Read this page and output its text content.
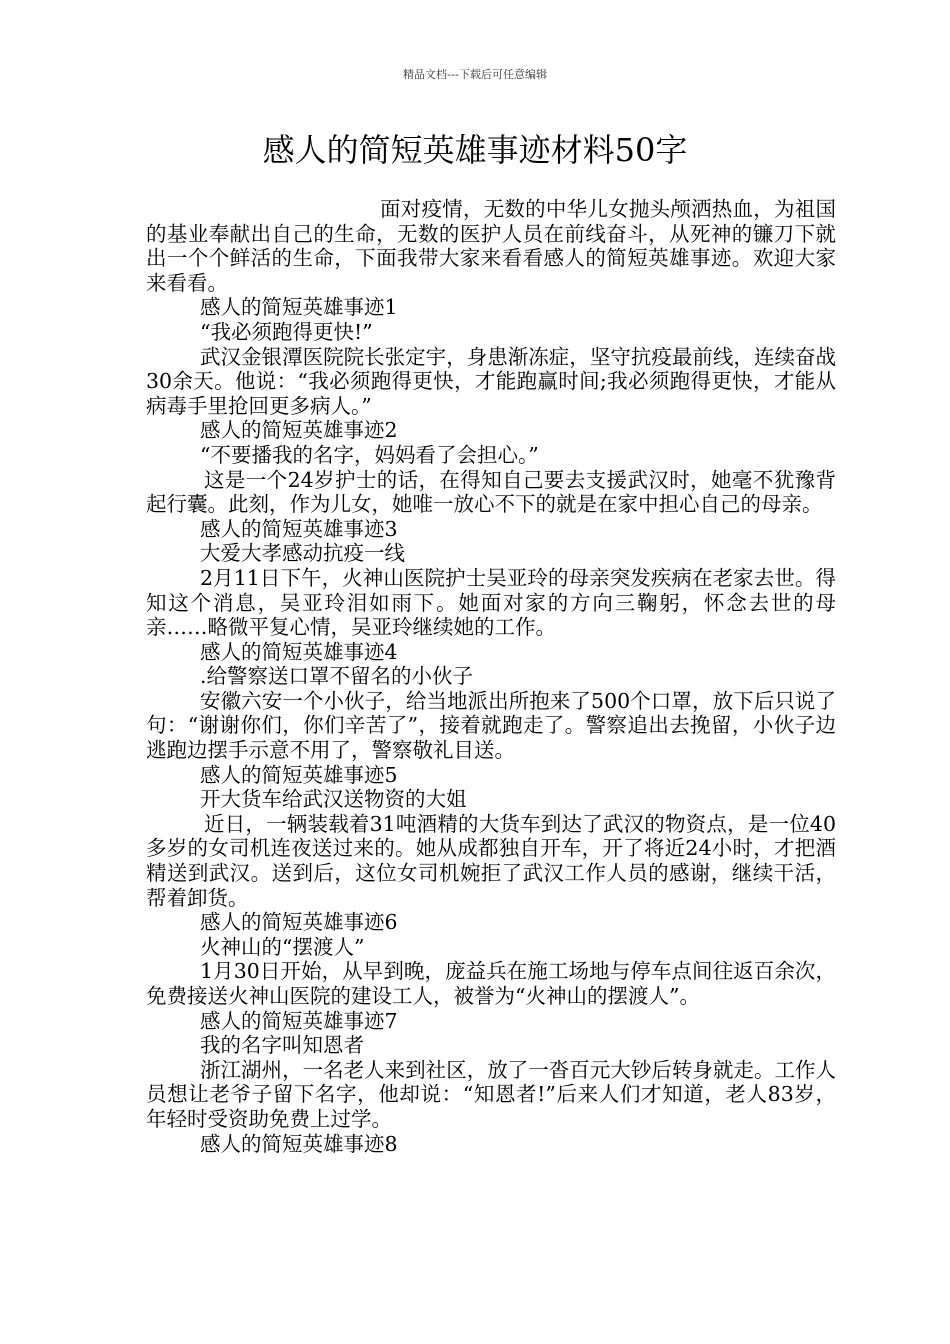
精品文档---下载后可任意编辑
感人的简短英雄事迹材料50字

面对疫情，无数的中华儿女抛头颅洒热血，为祖国的基业奉献出自己的生命，无数的医护人员在前线奋斗，从死神的镰刀下就出一个个鲜活的生命，下面我带大家来看看感人的简短英雄事迹。欢迎大家来看看。

感人的简短英雄事迹1

“我必须跑得更快!”

武汉金银潭医院院长张定宇，身患渐冻症，坚守抗疫最前线，连续奋战30余天。他说：“我必须跑得更快，才能跑赢时间;我必须跑得更快，才能从病毒手里抢回更多病人。”

感人的简短英雄事迹2

“不要播我的名字，妈妈看了会担心。”

这是一个24岁护士的话，在得知自己要去支援武汉时，她毫不犹豫背起行囊。此刻，作为儿女，她唯一放心不下的就是在家中担心自己的母亲。

感人的简短英雄事迹3

大爱大孝感动抗疫一线

2月11日下午，火神山医院护士吴亚玲的母亲突发疾病在老家去世。得知这个消息，吴亚玲泪如雨下。她面对家的方向三鞠躬，怀念去世的母亲……略微平复心情，吴亚玲继续她的工作。

感人的简短英雄事迹4

.给警察送口罩不留名的小伙子

安徽六安一个小伙子，给当地派出所抱来了500个口罩，放下后只说了句：“谢谢你们，你们辛苦了”，接着就跑走了。警察追出去挽留，小伙子边逃跑边摆手示意不用了，警察敬礼目送。

感人的简短英雄事迹5

开大货车给武汉送物资的大姐

近日，一辆装载着31吨酒精的大货车到达了武汉的物资点，是一位40多岁的女司机连夜送过来的。她从成都独自开车，开了将近24小时，才把酒精送到武汉。送到后，这位女司机婉拒了武汉工作人员的感谢，继续干活，帮着卸货。

感人的简短英雄事迹6

火神山的“摆渡人”

1月30日开始，从早到晚，庞益兵在施工场地与停车点间往返百余次，免费接送火神山医院的建设工人，被誉为“火神山的摆渡人”。

感人的简短英雄事迹7

我的名字叫知恩者

浙江湖州，一名老人来到社区，放了一沓百元大钞后转身就走。工作人员想让老爷子留下名字，他却说：“知恩者!”后来人们才知道，老人83岁，年轻时受资助免费上过学。

感人的简短英雄事迹8
